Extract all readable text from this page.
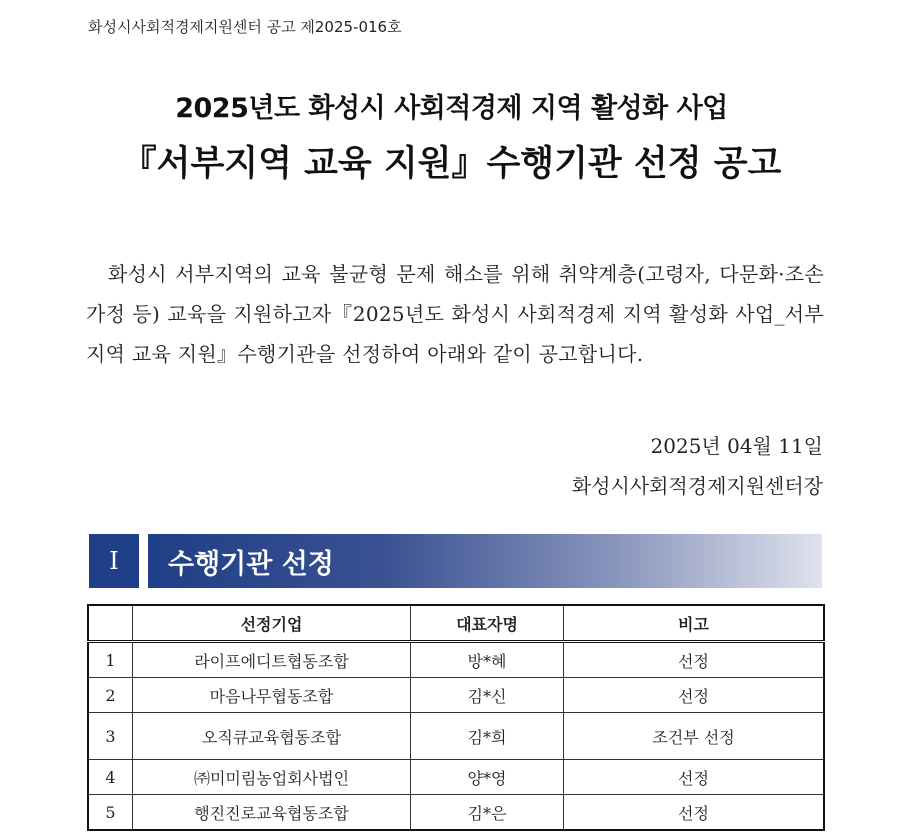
화성시사회적경제지원센터 공고 제2025-016호
2025년도 화성시 사회적경제 지역 활성화 사업
『서부지역 교육 지원』수행기관 선정 공고
화성시 서부지역의 교육 불균형 문제 해소를 위해 취약계층(고령자, 다문화·조손가정 등) 교육을 지원하고자『2025년도 화성시 사회적경제 지역 활성화 사업_서부지역 교육 지원』수행기관을 선정하여 아래와 같이 공고합니다.
2025년 04월 11일
화성시사회적경제지원센터장
I	수행기관 선정
	선정기업	대표자명	비고
1	라이프에디트협동조합	방*혜	선정
2	마음나무협동조합	김*신	선정
3	오직큐교육협동조합	김*희	조건부 선정
4	㈜미미림농업회사법인	양*영	선정
5	행진진로교육협동조합	김*은	선정
